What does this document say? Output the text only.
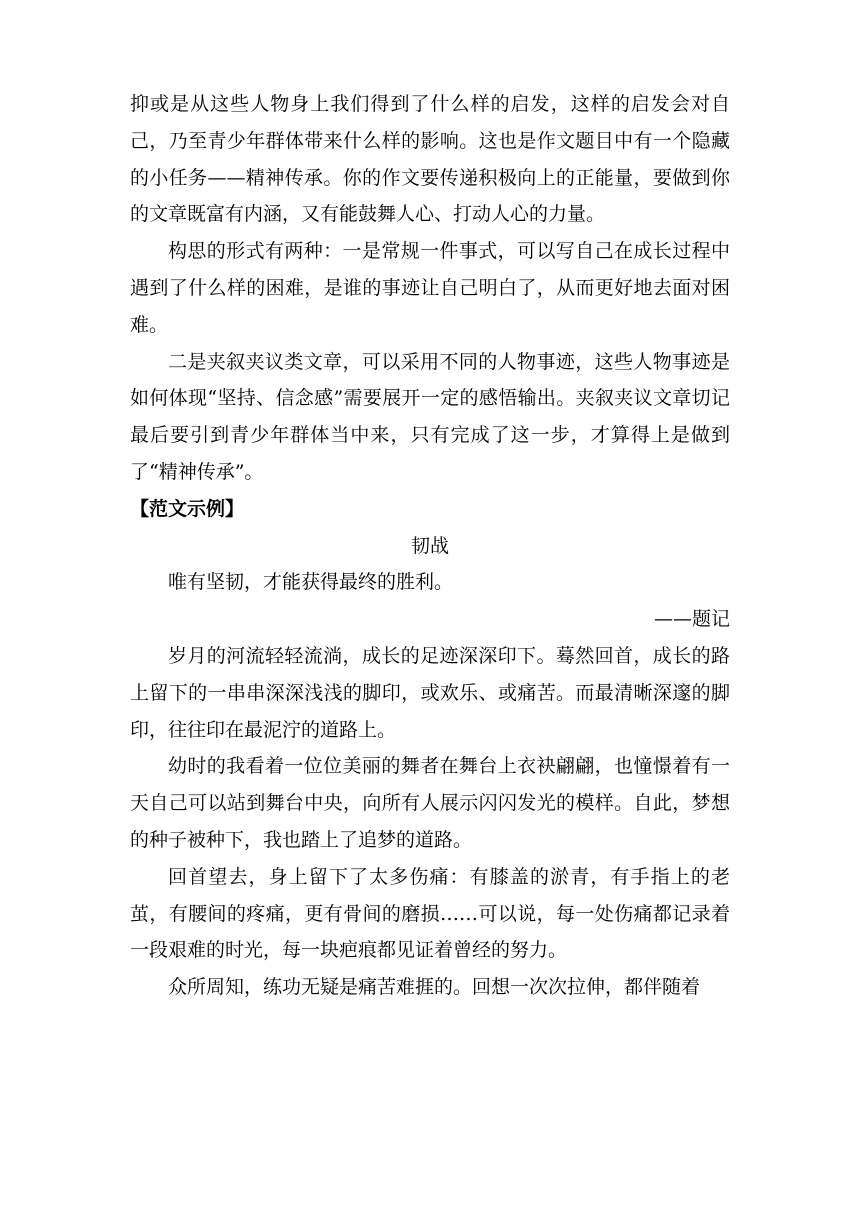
抑或是从这些人物身上我们得到了什么样的启发，这样的启发会对自己，乃至青少年群体带来什么样的影响。这也是作文题目中有一个隐藏的小任务——精神传承。你的作文要传递积极向上的正能量，要做到你的文章既富有内涵，又有能鼓舞人心、打动人心的力量。

构思的形式有两种：一是常规一件事式，可以写自己在成长过程中遇到了什么样的困难，是谁的事迹让自己明白了，从而更好地去面对困难。

二是夹叙夹议类文章，可以采用不同的人物事迹，这些人物事迹是如何体现“坚持、信念感”需要展开一定的感悟输出。夹叙夹议文章切记最后要引到青少年群体当中来，只有完成了这一步，才算得上是做到了“精神传承”。

【范文示例】

韧战

唯有坚韧，才能获得最终的胜利。

——题记

岁月的河流轻轻流淌，成长的足迹深深印下。蓦然回首，成长的路上留下的一串串深深浅浅的脚印，或欢乐、或痛苦。而最清晰深邃的脚印，往往印在最泥泞的道路上。

幼时的我看着一位位美丽的舞者在舞台上衣袂翩翩，也憧憬着有一天自己可以站到舞台中央，向所有人展示闪闪发光的模样。自此，梦想的种子被种下，我也踏上了追梦的道路。

回首望去，身上留下了太多伤痛：有膝盖的淤青，有手指上的老茧，有腰间的疼痛，更有骨间的磨损……可以说，每一处伤痛都记录着一段艰难的时光，每一块疤痕都见证着曾经的努力。

众所周知，练功无疑是痛苦难捱的。回想一次次拉伸，都伴随着
